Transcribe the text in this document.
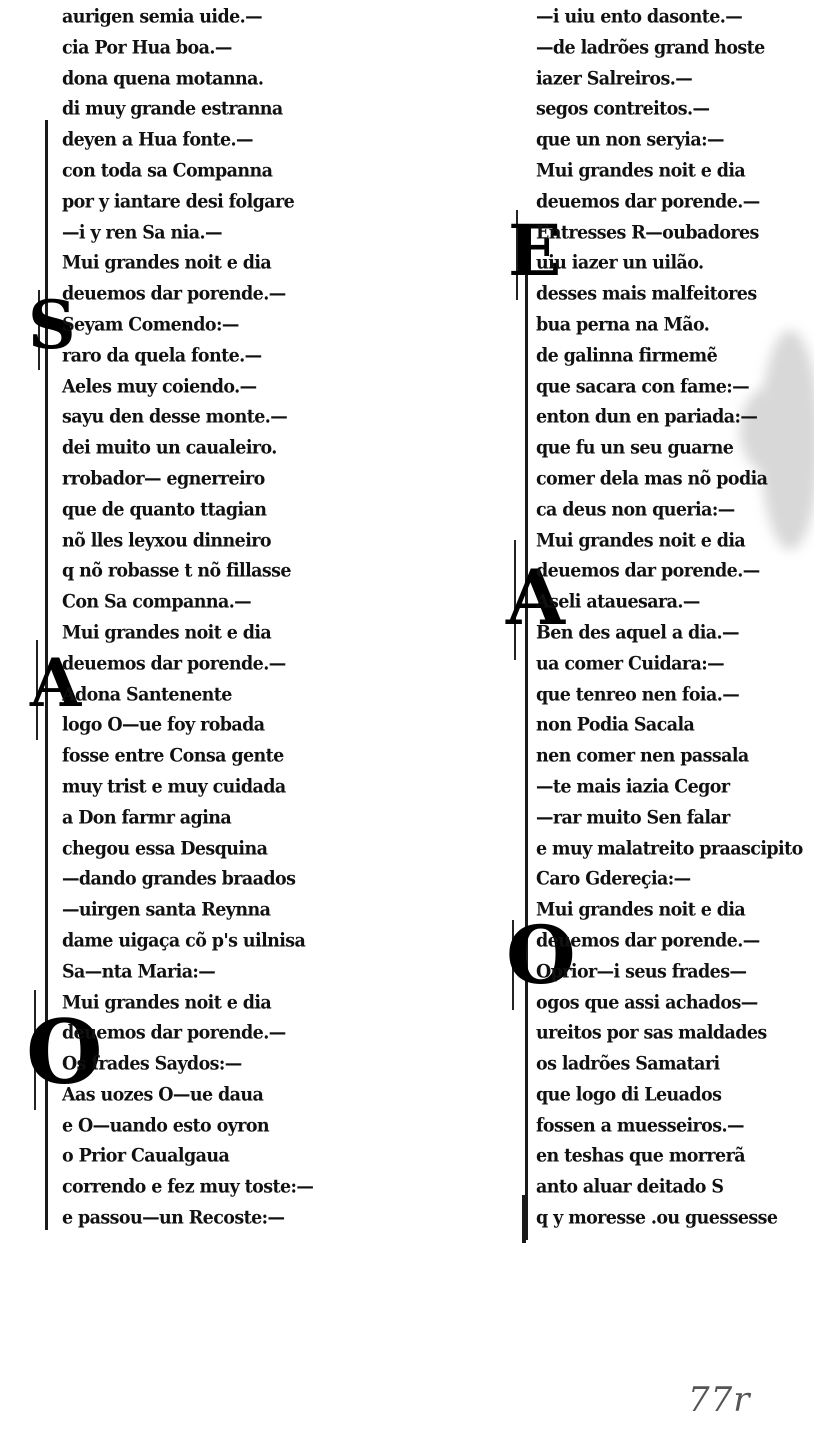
S
A
O
E
A
O
aurigen semia uide.—
cia Por Hua boa.—
dona quena motanna.
di muy grande estranna
deyen a Hua fonte.—
con toda sa Companna
por y iantare desi folgare
—i y ren Sa nia.—
Mui grandes noit e dia
deuemos dar porende.—
Seyam Comendo:—
raro da quela fonte.—
Aeles muy coiendo.—
sayu den desse monte.—
dei muito un caualeiro.
rrobador— egnerreiro
que de quanto ttagian
nõ lles leyxou dinneiro
q nõ robasse t nõ fillasse
Con Sa companna.—
Mui grandes noit e dia
deuemos dar porende.—
Adona Santenente
logo O—ue foy robada
fosse entre Consa gente
muy trist e muy cuidada
a Don farmr agina
chegou essa Desquina
—dando grandes braados
—uirgen santa Reynna
dame uigaça cõ p's uilnisa
Sa—nta Maria:—
Mui grandes noit e dia
deuemos dar porende.—
Os frades Saydos:—
Aas uozes O—ue daua
e O—uando esto oyron
o Prior Caualgaua
correndo e fez muy toste:—
e passou—un Recoste:—
—i uiu ento dasonte.—
—de ladrões grand hoste
iazer Salreiros.—
segos contreitos.—
que un non seryia:—
Mui grandes noit e dia
deuemos dar porende.—
Entresses R—oubadores
uiu iazer un uilão.
desses mais malfeitores
bua perna na Mão.
de galinna firmemẽ
que sacara con fame:—
enton dun en pariada:—
que fu un seu guarne
comer dela mas nõ podia
ca deus non queria:—
Mui grandes noit e dia
deuemos dar porende.—
Aseli atauesara.—
Ben des aquel a dia.—
ua comer Cuidara:—
que tenreo nen foia.—
non Podia Sacala
nen comer nen passala
—te mais iazia Cegor
—rar muito Sen falar
e muy malatreito praascipito
Caro Gdereçia:—
Mui grandes noit e dia
deuemos dar porende.—
Oprior—i seus frades—
ogos que assi achados—
ureitos por sas maldades
os ladrões Samatari
que logo di Leuados
fossen a muesseiros.—
en teshas que morrerã
anto aluar deitado S
q y moresse .ou guessesse
77r
